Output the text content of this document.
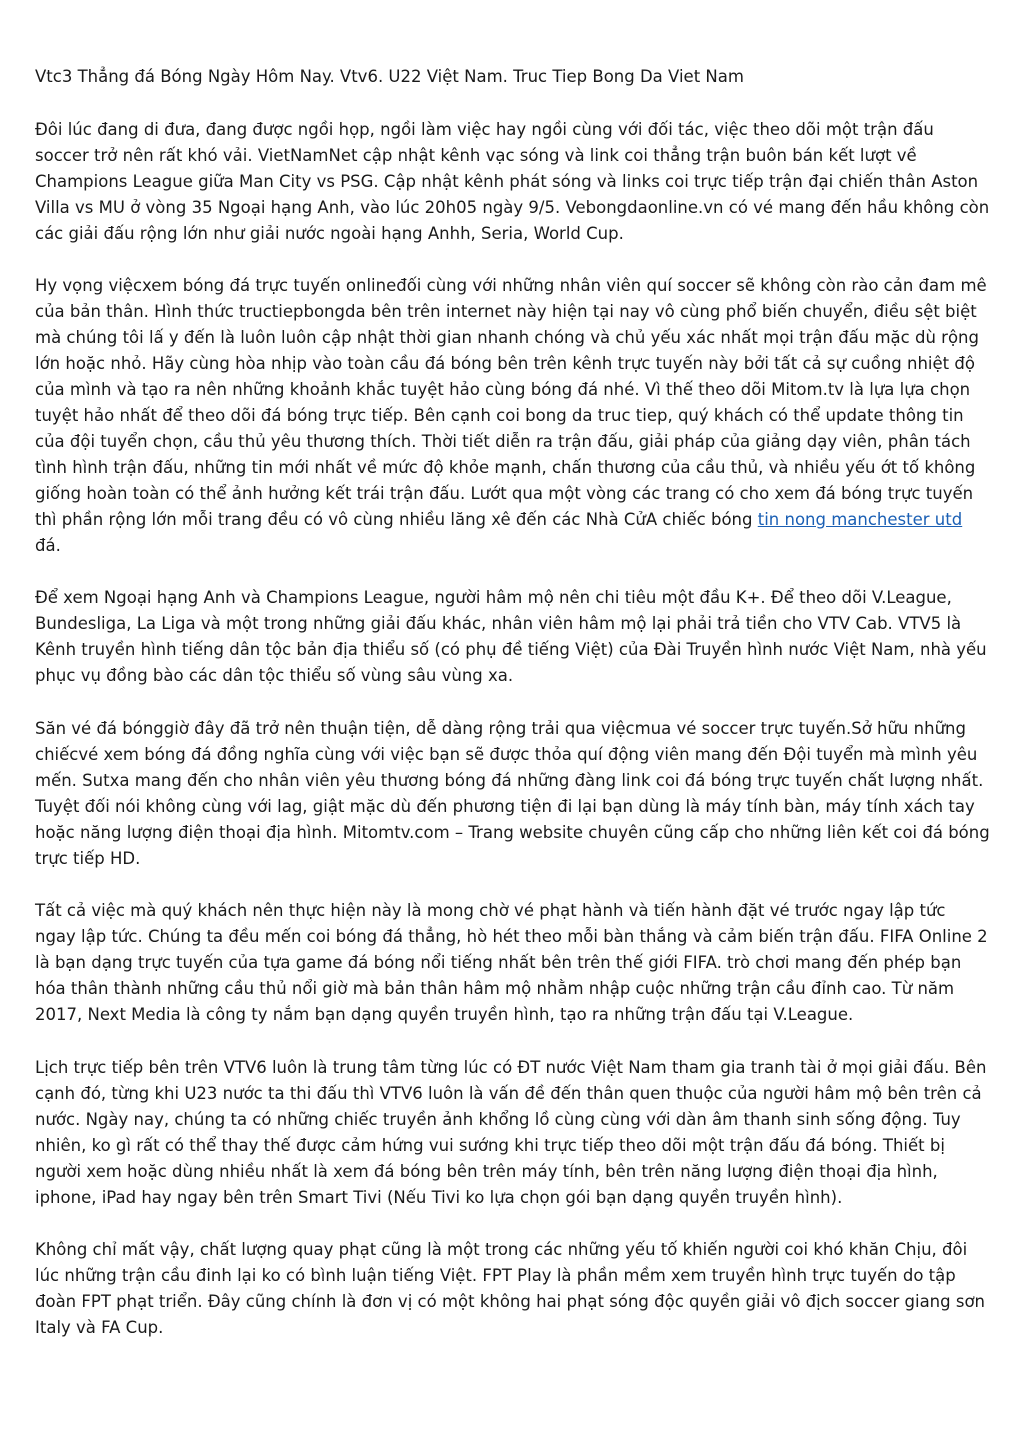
Vtc3 Thẳng đá Bóng Ngày Hôm Nay. Vtv6. U22 Việt Nam. Truc Tiep Bong Da Viet Nam

Đôi lúc đang di đưa, đang được ngồi họp, ngồi làm việc hay ngồi cùng với đối tác, việc theo dõi một trận đấu soccer trở nên rất khó vải. VietNamNet cập nhật kênh vạc sóng và link coi thẳng trận buôn bán kết lượt về Champions League giữa Man City vs PSG. Cập nhật kênh phát sóng và links coi trực tiếp trận đại chiến thân Aston Villa vs MU ở vòng 35 Ngoại hạng Anh, vào lúc 20h05 ngày 9/5. Vebongdaonline.vn có vé mang đến hầu không còn các giải đấu rộng lớn như giải nước ngoài hạng Anhh, Seria, World Cup.

Hy vọng việcxem bóng đá trực tuyến onlineđối cùng với những nhân viên quí soccer sẽ không còn rào cản đam mê của bản thân. Hình thức tructiepbongda bên trên internet này hiện tại nay vô cùng phổ biến chuyển, điều sệt biệt mà chúng tôi lấ y đến là luôn luôn cập nhật thời gian nhanh chóng và chủ yếu xác nhất mọi trận đấu mặc dù rộng lớn hoặc nhỏ. Hãy cùng hòa nhịp vào toàn cầu đá bóng bên trên kênh trực tuyến này bởi tất cả sự cuồng nhiệt độ của mình và tạo ra nên những khoảnh khắc tuyệt hảo cùng bóng đá nhé. Vì thế theo dõi Mitom.tv là lựa lựa chọn tuyệt hảo nhất để theo dõi đá bóng trực tiếp. Bên cạnh coi bong da truc tiep, quý khách có thể update thông tin của đội tuyển chọn, cầu thủ yêu thương thích. Thời tiết diễn ra trận đấu, giải pháp của giảng dạy viên, phân tách tình hình trận đấu, những tin mới nhất về mức độ khỏe mạnh, chấn thương của cầu thủ, và nhiều yếu ớt tố không giống hoàn toàn có thể ảnh hưởng kết trái trận đấu. Lướt qua một vòng các trang có cho xem đá bóng trực tuyến thì phần rộng lớn mỗi trang đều có vô cùng nhiều lăng xê đến các Nhà CửA chiếc bóng tin nong manchester utd đá.

Để xem Ngoại hạng Anh và Champions League, người hâm mộ nên chi tiêu một đầu K+. Để theo dõi V.League, Bundesliga, La Liga và một trong những giải đấu khác, nhân viên hâm mộ lại phải trả tiền cho VTV Cab. VTV5 là Kênh truyền hình tiếng dân tộc bản địa thiểu số (có phụ đề tiếng Việt) của Đài Truyền hình nước Việt Nam, nhà yếu phục vụ đồng bào các dân tộc thiểu số vùng sâu vùng xa.

Săn vé đá bónggiờ đây đã trở nên thuận tiện, dễ dàng rộng trải qua việcmua vé soccer trực tuyến.Sở hữu những chiếcvé xem bóng đá đồng nghĩa cùng với việc bạn sẽ được thỏa quí động viên mang đến Đội tuyển mà mình yêu mến. Sutxa mang đến cho nhân viên yêu thương bóng đá những đàng link coi đá bóng trực tuyến chất lượng nhất. Tuyệt đối nói không cùng với lag, giật mặc dù đến phương tiện đi lại bạn dùng là máy tính bàn, máy tính xách tay hoặc năng lượng điện thoại địa hình. Mitomtv.com – Trang website chuyên cũng cấp cho những liên kết coi đá bóng trực tiếp HD.

Tất cả việc mà quý khách nên thực hiện này là mong chờ vé phạt hành và tiến hành đặt vé trước ngay lập tức ngay lập tức. Chúng ta đều mến coi bóng đá thẳng, hò hét theo mỗi bàn thắng và cảm biến trận đấu. FIFA Online 2 là bạn dạng trực tuyến của tựa game đá bóng nổi tiếng nhất bên trên thế giới FIFA. trò chơi mang đến phép bạn hóa thân thành những cầu thủ nổi giờ mà bản thân hâm mộ nhằm nhập cuộc những trận cầu đỉnh cao. Từ năm 2017, Next Media là công ty nắm bạn dạng quyền truyền hình, tạo ra những trận đấu tại V.League.

Lịch trực tiếp bên trên VTV6 luôn là trung tâm từng lúc có ĐT nước Việt Nam tham gia tranh tài ở mọi giải đấu. Bên cạnh đó, từng khi U23 nước ta thi đấu thì VTV6 luôn là vấn đề đến thân quen thuộc của người hâm mộ bên trên cả nước. Ngày nay, chúng ta có những chiếc truyền ảnh khổng lồ cùng cùng với dàn âm thanh sinh sống động. Tuy nhiên, ko gì rất có thể thay thế được cảm hứng vui sướng khi trực tiếp theo dõi một trận đấu đá bóng. Thiết bị người xem hoặc dùng nhiều nhất là xem đá bóng bên trên máy tính, bên trên năng lượng điện thoại địa hình, iphone, iPad hay ngay bên trên Smart Tivi (Nếu Tivi ko lựa chọn gói bạn dạng quyền truyền hình).

Không chỉ mất vậy, chất lượng quay phạt cũng là một trong các những yếu tố khiến người coi khó khăn Chịu, đôi lúc những trận cầu đinh lại ko có bình luận tiếng Việt. FPT Play là phần mềm xem truyền hình trực tuyến do tập đoàn FPT phạt triển. Đây cũng chính là đơn vị có một không hai phạt sóng độc quyền giải vô địch soccer giang sơn Italy và FA Cup.
